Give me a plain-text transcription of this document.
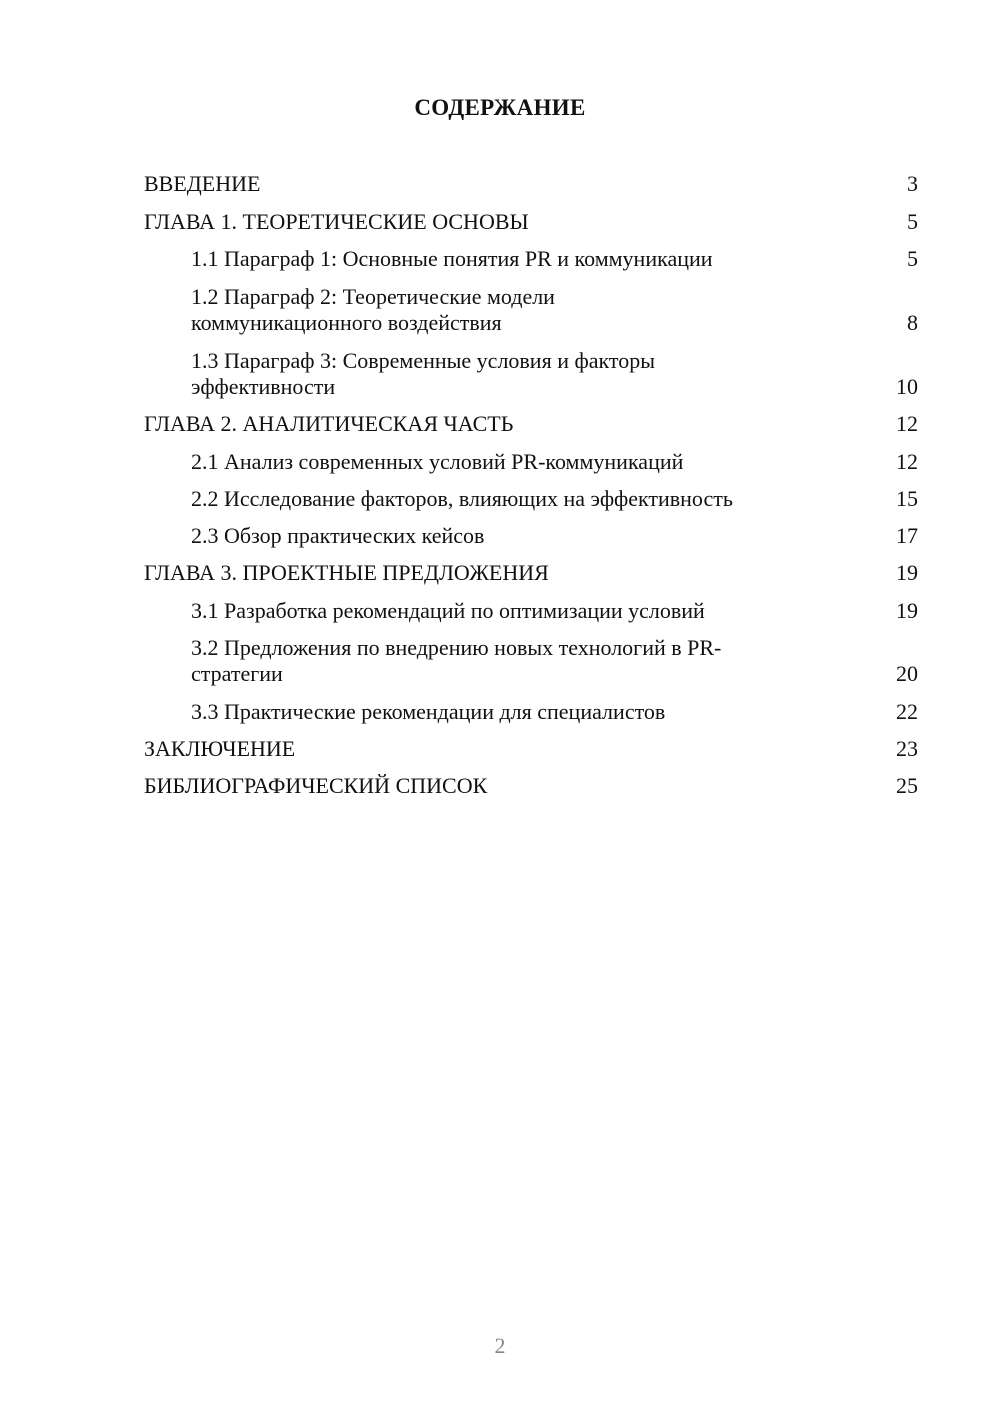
СОДЕРЖАНИЕ
ВВЕДЕНИЕ	3
ГЛАВА 1. ТЕОРЕТИЧЕСКИЕ ОСНОВЫ	5
1.1 Параграф 1: Основные понятия PR и коммуникации	5
1.2 Параграф 2: Теоретические модели коммуникационного воздействия	8
1.3 Параграф 3: Современные условия и факторы эффективности	10
ГЛАВА 2. АНАЛИТИЧЕСКАЯ ЧАСТЬ	12
2.1 Анализ современных условий PR-коммуникаций	12
2.2 Исследование факторов, влияющих на эффективность	15
2.3 Обзор практических кейсов	17
ГЛАВА 3. ПРОЕКТНЫЕ ПРЕДЛОЖЕНИЯ	19
3.1 Разработка рекомендаций по оптимизации условий	19
3.2 Предложения по внедрению новых технологий в PR-стратегии	20
3.3 Практические рекомендации для специалистов	22
ЗАКЛЮЧЕНИЕ	23
БИБЛИОГРАФИЧЕСКИЙ СПИСОК	25
2
